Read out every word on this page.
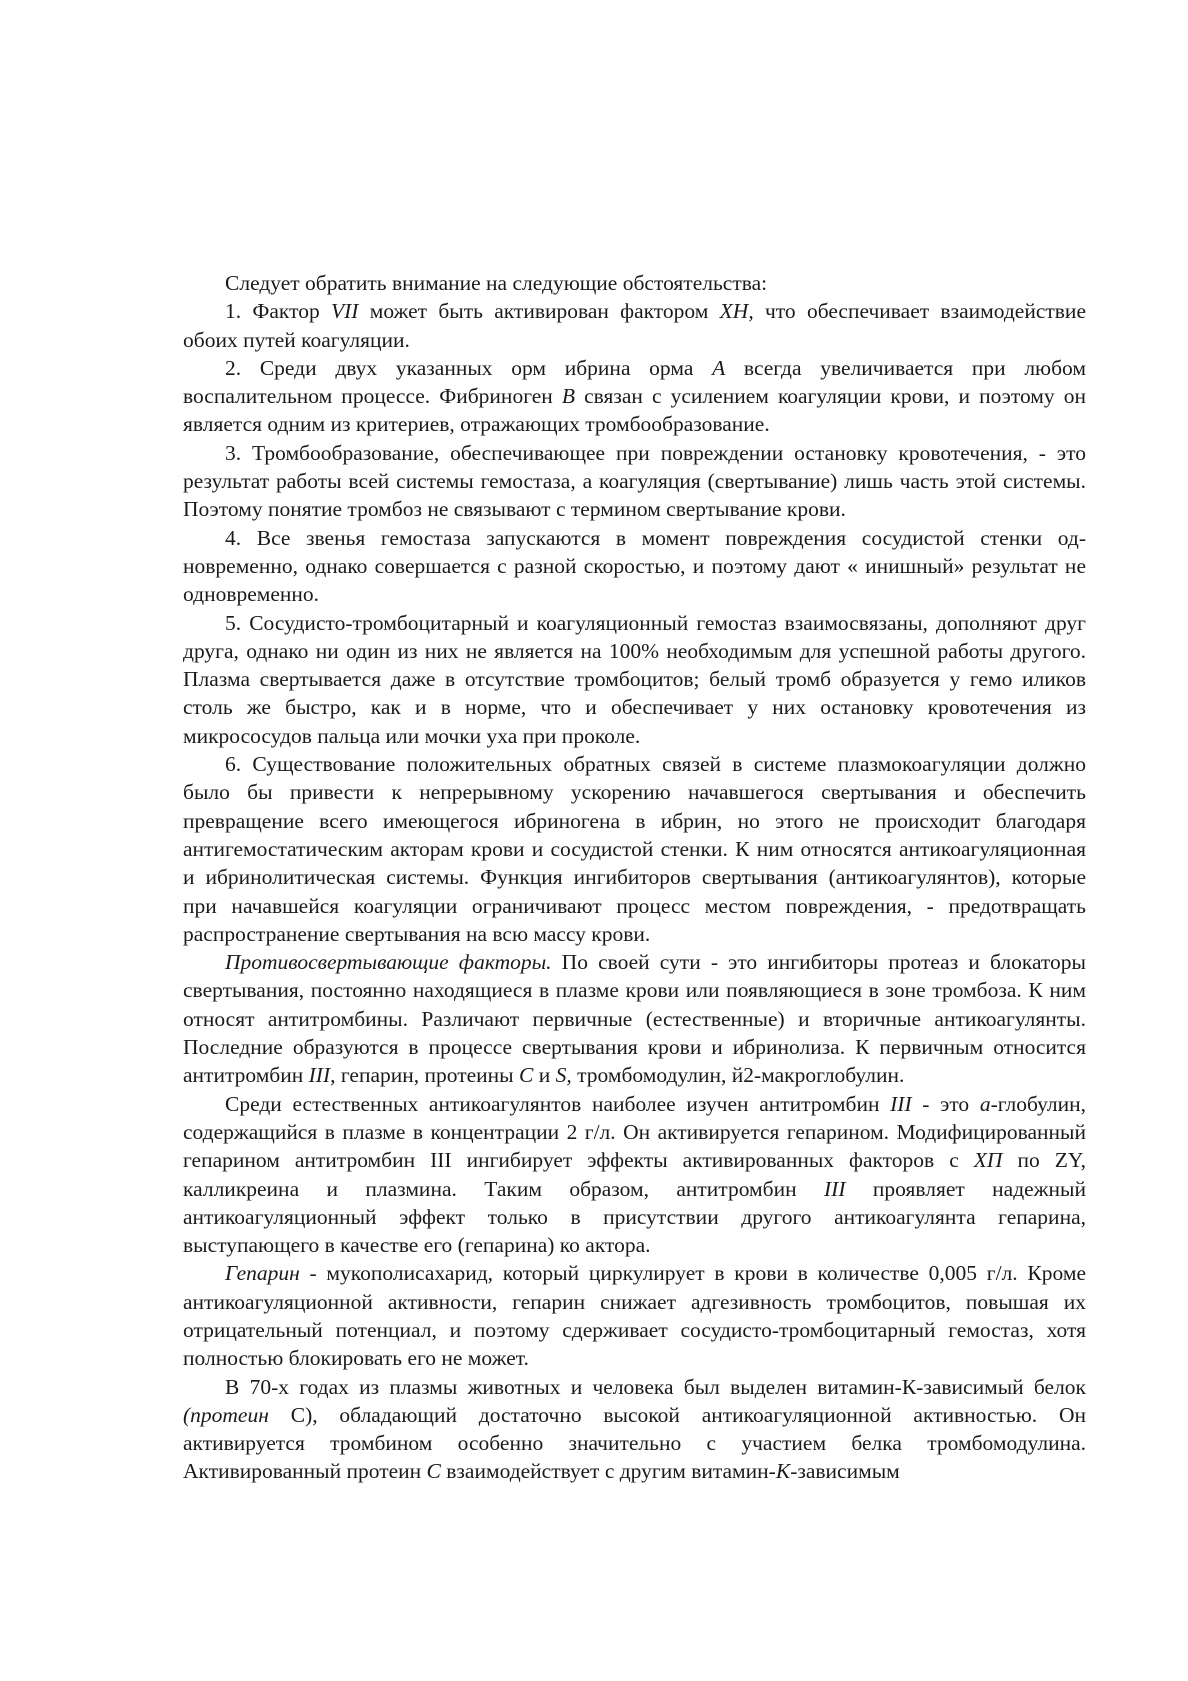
Следует обратить внимание на следующие обстоятельства:

1. Фактор VII может быть активирован фактором XH, что обеспечивает взаимодействие обоих путей коагуляции.

2. Среди двух указанных орм ибрина орма A всегда увеличивается при любом воспалительном процессе. Фибриноген B связан с усилением коагуляции крови, и поэтому он является одним из критериев, отражающих тромбообразование.

3. Тромбообразование, обеспечивающее при повреждении остановку кровотечения, - это результат работы всей системы гемостаза, а коагуляция (свертывание) лишь часть этой системы. Поэтому понятие тромбоз не связывают с термином свертывание крови.

4. Все звенья гемостаза запускаются в момент повреждения сосудистой стенки одновременно, однако совершается с разной скоростью, и поэтому дают « инишный» результат не одновременно.

5. Сосудисто-тромбоцитарный и коагуляционный гемостаз взаимосвязаны, дополняют друг друга, однако ни один из них не является на 100% необходимым для успешной работы другого. Плазма свертывается даже в отсутствие тромбоцитов; белый тромб образуется у гемо иликов столь же быстро, как и в норме, что и обеспечивает у них остановку кровотечения из микрососудов пальца или мочки уха при проколе.

6. Существование положительных обратных связей в системе плазмокоагуляции должно было бы привести к непрерывному ускорению начавшегося свертывания и обеспечить превращение всего имеющегося ибриногена в ибрин, но этого не происходит благодаря антигемостатическим акторам крови и сосудистой стенки. К ним относятся антикоагуляционная и ибринолитическая системы. Функция ингибиторов свертывания (антикоагулянтов), которые при начавшейся коагуляции ограничивают процесс местом повреждения, - предотвращать распространение свертывания на всю массу крови.

Противосвертывающие факторы. По своей сути - это ингибиторы протеаз и блокаторы свертывания, постоянно находящиеся в плазме крови или появляющиеся в зоне тромбоза. К ним относят антитромбины. Различают первичные (естественные) и вторичные антикоагулянты. Последние образуются в процессе свертывания крови и ибринолиза. К первичным относится антитромбин III, гепарин, протеины C и S, тромбомодулин, й2-макроглобулин.

Среди естественных антикоагулянтов наиболее изучен антитромбин III - это a-глобулин, содержащийся в плазме в концентрации 2 г/л. Он активируется гепарином. Модифицированный гепарином антитромбин III ингибирует эффекты активированных факторов с XП по ZY, калликреина и плазмина. Таким образом, антитромбин III проявляет надежный антикоагуляционный эффект только в присутствии другого антикоагулянта гепарина, выступающего в качестве его (гепарина) ко актора.

Гепарин - мукополисахарид, который циркулирует в крови в количестве 0,005 г/л. Кроме антикоагуляционной активности, гепарин снижает адгезивность тромбоцитов, повышая их отрицательный потенциал, и поэтому сдерживает сосудисто-тромбоцитарный гемостаз, хотя полностью блокировать его не может.

В 70-х годах из плазмы животных и человека был выделен витамин-К-зависимый белок (протеин С), обладающий достаточно высокой антикоагуляционной активностью. Он активируется тромбином особенно значительно с участием белка тромбомодулина. Активированный протеин C взаимодействует с другим витамин-K-зависимым
